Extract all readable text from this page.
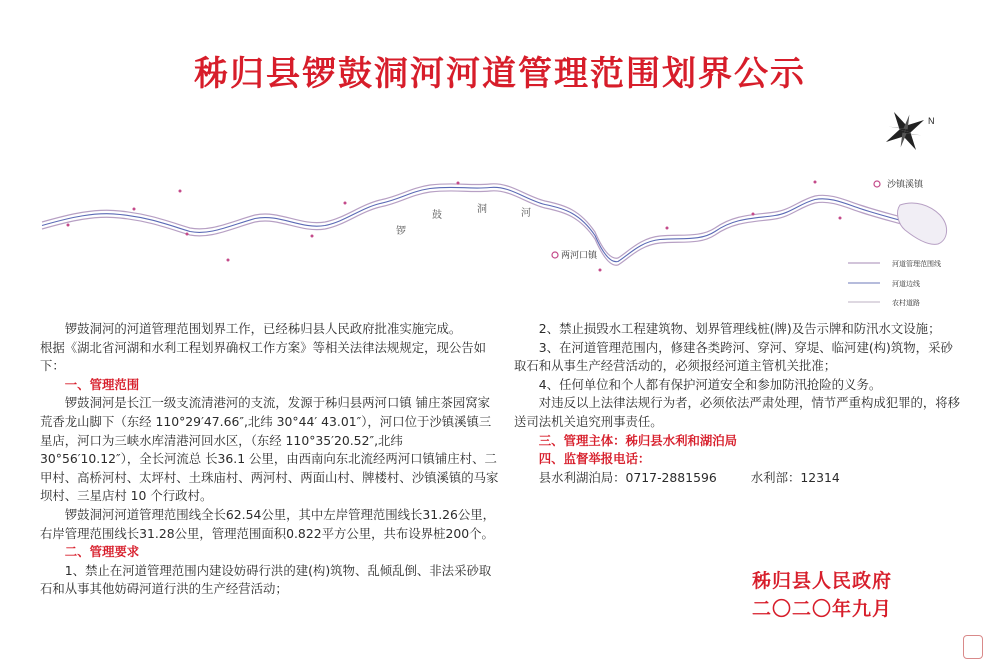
秭归县锣鼓洞河河道管理范围划界公示
N
锣
鼓
洞	河
两河口镇
沙镇溪镇
河道管理范围线
河道边线
农村道路

锣鼓洞河的河道管理范围划界工作，已经秭归县人民政府批准实施完成。

根据《湖北省河湖和水利工程划界确权工作方案》等相关法律法规规定，现公告如下：

一、管理范围

锣鼓洞河是长江一级支流清港河的支流，发源于秭归县两河口镇 铺庄茶园窝家荒香龙山脚下（东经 110°29′47.66″,北纬 30°44′ 43.01″），河口位于沙镇溪镇三星店，河口为三峡水库清港河回水区，（东经 110°35′20.52″,北纬30°56′10.12″），全长河流总 长36.1 公里，由西南向东北流经两河口镇铺庄村、二甲村、高桥河村、太坪村、土珠庙村、两河村、两面山村、牌楼村、沙镇溪镇的马家坝村、三星店村 10 个行政村。

锣鼓洞河河道管理范围线全长62.54公里，其中左岸管理范围线长31.26公里，右岸管理范围线长31.28公里，管理范围面积0.822平方公里，共布设界桩200个。

二、管理要求

1、禁止在河道管理范围内建设妨碍行洪的建(构)筑物、乱倾乱倒、非法采砂取石和从事其他妨碍河道行洪的生产经营活动；

2、禁止损毁水工程建筑物、划界管理线桩(牌)及告示牌和防汛水文设施；

3、在河道管理范围内，修建各类跨河、穿河、穿堤、临河建(构)筑物，采砂取石和从事生产经营活动的，必须报经河道主管机关批准；

4、任何单位和个人都有保护河道安全和参加防汛抢险的义务。

对违反以上法律法规行为者，必须依法严肃处理，情节严重构成犯罪的，将移送司法机关追究刑事责任。

三、管理主体：秭归县水利和湖泊局

四、监督举报电话：

县水利湖泊局：0717-2881596	水利部：12314

秭归县人民政府

二〇二〇年九月
